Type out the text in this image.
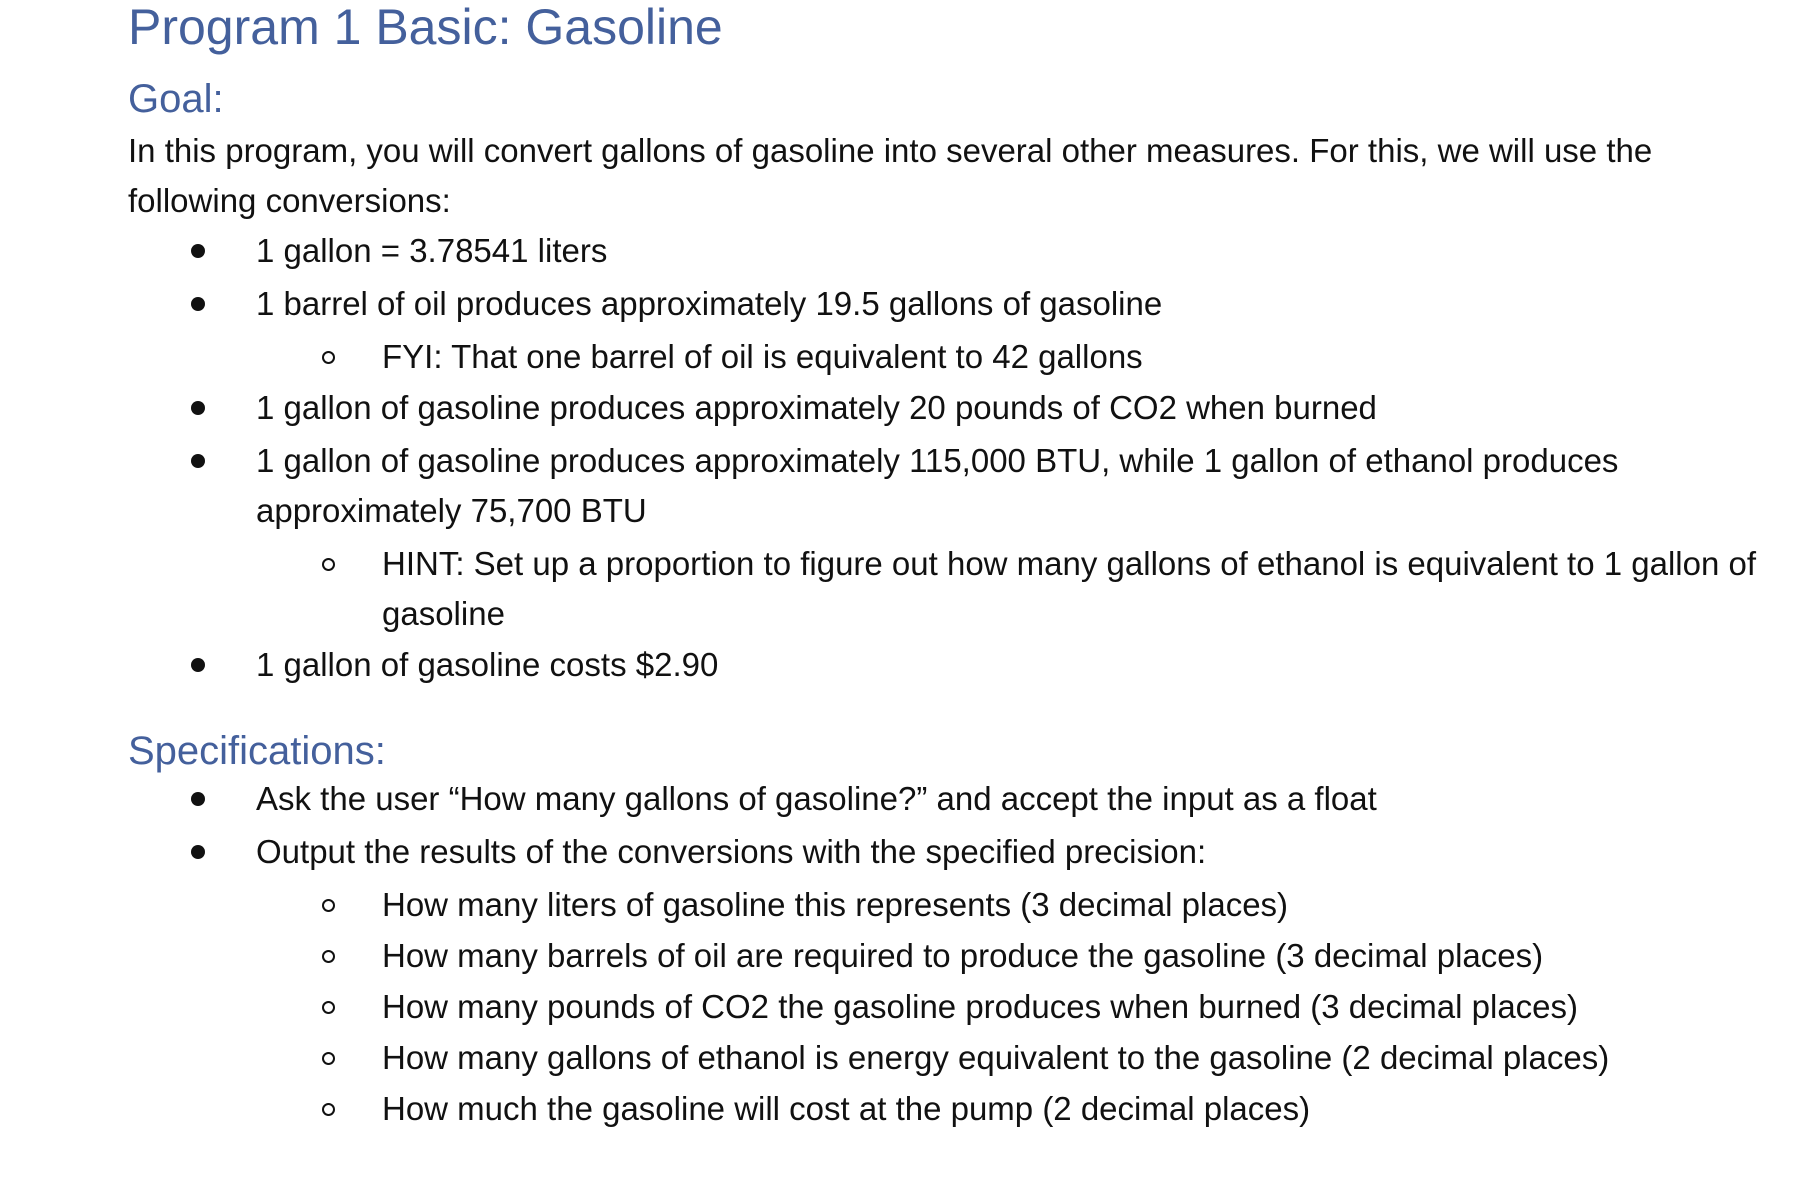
Program 1 Basic: Gasoline
Goal:

In this program, you will convert gallons of gasoline into several other measures. For this, we will use the following conversions:

1 gallon = 3.78541 liters
1 barrel of oil produces approximately 19.5 gallons of gasoline
FYI: That one barrel of oil is equivalent to 42 gallons
1 gallon of gasoline produces approximately 20 pounds of CO2 when burned
1 gallon of gasoline produces approximately 115,000 BTU, while 1 gallon of ethanol produces approximately 75,700 BTU
HINT: Set up a proportion to figure out how many gallons of ethanol is equivalent to 1 gallon of gasoline
1 gallon of gasoline costs $2.90
Specifications:
Ask the user “How many gallons of gasoline?” and accept the input as a float
Output the results of the conversions with the specified precision:
How many liters of gasoline this represents (3 decimal places)
How many barrels of oil are required to produce the gasoline (3 decimal places)
How many pounds of CO2 the gasoline produces when burned (3 decimal places)
How many gallons of ethanol is energy equivalent to the gasoline (2 decimal places)
How much the gasoline will cost at the pump (2 decimal places)
